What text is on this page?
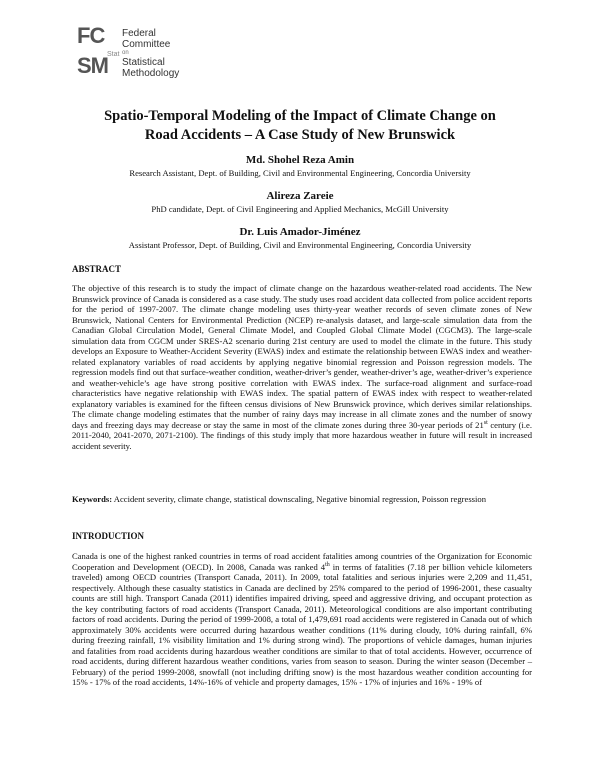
FC
SM Stat
Federal
Committee
on
Statistical
Methodology
Spatio-Temporal Modeling of the Impact of Climate Change on
Road Accidents – A Case Study of New Brunswick
Md. Shohel Reza Amin
Research Assistant, Dept. of Building, Civil and Environmental Engineering, Concordia University
Alireza Zareie
PhD candidate, Dept. of Civil Engineering and Applied Mechanics, McGill University
Dr. Luis Amador-Jiménez
Assistant Professor, Dept. of Building, Civil and Environmental Engineering, Concordia University
ABSTRACT
The objective of this research is to study the impact of climate change on the hazardous weather-related road accidents. The New Brunswick province of Canada is considered as a case study. The study uses road accident data collected from police accident reports for the period of 1997-2007. The climate change modeling uses thirty-year weather records of seven climate zones of New Brunswick, National Centers for Environmental Prediction (NCEP) re-analysis dataset, and large-scale simulation data from the Canadian Global Circulation Model, General Climate Model, and Coupled Global Climate Model (CGCM3). The large-scale simulation data from CGCM under SRES-A2 scenario during 21st century are used to model the climate in the future. This study develops an Exposure to Weather-Accident Severity (EWAS) index and estimate the relationship between EWAS index and weather-related explanatory variables of road accidents by applying negative binomial regression and Poisson regression models. The regression models find out that surface-weather condition, weather-driver’s gender, weather-driver’s age, weather-driver’s experience and weather-vehicle’s age have strong positive correlation with EWAS index. The surface-road alignment and surface-road characteristics have negative relationship with EWAS index. The spatial pattern of EWAS index with respect to weather-related explanatory variables is examined for the fifteen census divisions of New Brunswick province, which derives similar relationships. The climate change modeling estimates that the number of rainy days may increase in all climate zones and the number of snowy days and freezing days may decrease or stay the same in most of the climate zones during three 30-year periods of 21st century (i.e. 2011-2040, 2041-2070, 2071-2100). The findings of this study imply that more hazardous weather in future will result in increased accident severity.
Keywords: Accident severity, climate change, statistical downscaling, Negative binomial regression, Poisson regression
INTRODUCTION
Canada is one of the highest ranked countries in terms of road accident fatalities among countries of the Organization for Economic Cooperation and Development (OECD). In 2008, Canada was ranked 4th in terms of fatalities (7.18 per billion vehicle kilometers traveled) among OECD countries (Transport Canada, 2011). In 2009, total fatalities and serious injuries were 2,209 and 11,451, respectively. Although these casualty statistics in Canada are declined by 25% compared to the period of 1996-2001, these casualty counts are still high. Transport Canada (2011) identifies impaired driving, speed and aggressive driving, and occupant protection as the key contributing factors of road accidents (Transport Canada, 2011). Meteorological conditions are also important contributing factors of road accidents. During the period of 1999-2008, a total of 1,479,691 road accidents were registered in Canada out of which approximately 30% accidents were occurred during hazardous weather conditions (11% during cloudy, 10% during rainfall, 6% during freezing rainfall, 1% visibility limitation and 1% during strong wind). The proportions of vehicle damages, human injuries and fatalities from road accidents during hazardous weather conditions are similar to that of total accidents. However, occurrence of road accidents, during different hazardous weather conditions, varies from season to season. During the winter season (December – February) of the period 1999-2008, snowfall (not including drifting snow) is the most hazardous weather condition accounting for 15% - 17% of the road accidents, 14%-16% of vehicle and property damages, 15% - 17% of injuries and 16% - 19% of
